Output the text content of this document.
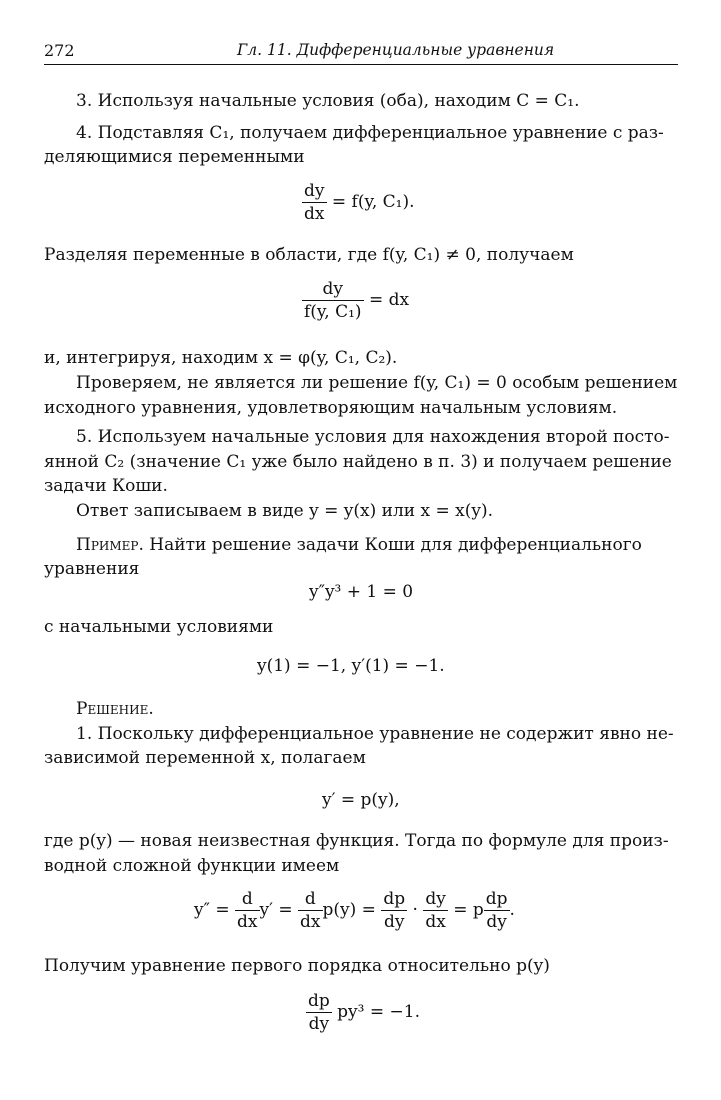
272	Гл. 11. Дифференциальные уравнения
3. Используя начальные условия (оба), находим C = C₁.
4. Подставляя C₁, получаем дифференциальное уравнение с раз-
деляющимися переменными
$\frac{dy}{dx} = f(y$, C₁).
Разделяя переменные в области, где f(y, C₁) ≠ 0, получаем
$\frac{dy}{\text{f(y, C₁)}}$ = dx
и, интегрируя, находим x = φ(y, C₁, C₂).
Проверяем, не является ли решение f(y, C₁) = 0 особым решением
исходного уравнения, удовлетворяющим начальным условиям.
5. Используем начальные условия для нахождения второй посто-
янной C₂ (значение C₁ уже было найдено в п. 3) и получаем решение
задачи Коши.
Ответ записываем в виде y = y(x) или x = x(y).
Пример. Найти решение задачи Коши для дифференциального
уравнения
y″y³ + 1 = 0
с начальными условиями
y(1) = −1, y′(1) = −1.
Решение.
1. Поскольку дифференциальное уравнение не содержит явно не-
зависимой переменной x, полагаем
y′ = p(y),
где p(y) — новая неизвестная функция. Тогда по формуле для произ-
водной сложной функции имеем
$y'' = \frac{d}{dx} y' = \frac{d}{dx} p(y) = \frac{dp}{dy} \cdot \frac{dy}{dx} = p \frac{dp}{dy}$ .
Получим уравнение первого порядка относительно p(y)
$\frac{dp}{dy} py^3 = -1$.
